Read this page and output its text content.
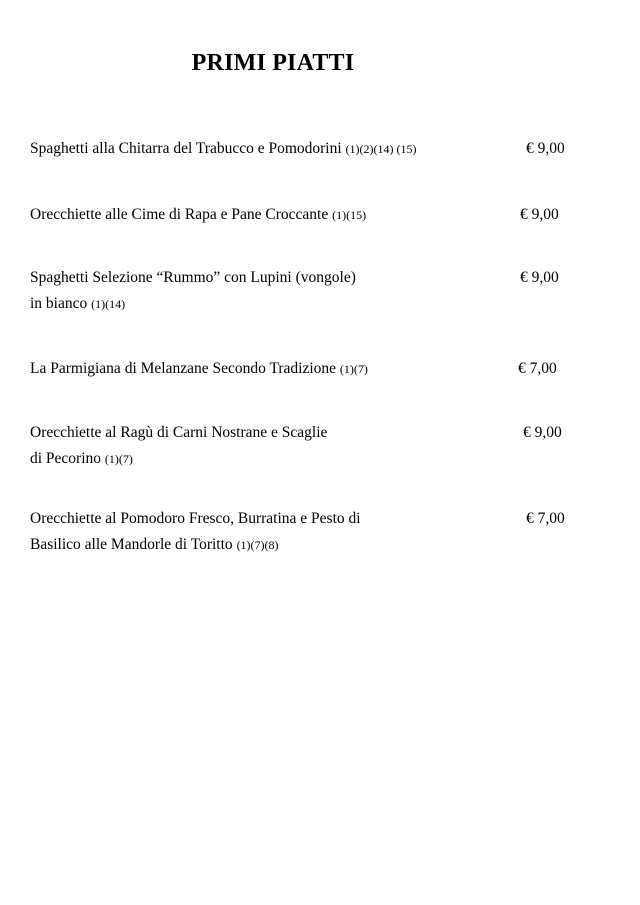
PRIMI PIATTI
Spaghetti alla Chitarra del Trabucco e Pomodorini (1)(2)(14) (15)	€ 9,00
Orecchiette alle Cime di Rapa e Pane Croccante (1)(15)	€ 9,00
Spaghetti Selezione “Rummo” con Lupini (vongole)
in bianco (1)(14)
€ 9,00
La Parmigiana di Melanzane Secondo Tradizione (1)(7)	€ 7,00
Orecchiette al Ragù di Carni Nostrane e Scaglie
di Pecorino (1)(7)
€ 9,00
Orecchiette al Pomodoro Fresco, Burratina e Pesto di
Basilico alle Mandorle di Toritto (1)(7)(8)
€ 7,00
